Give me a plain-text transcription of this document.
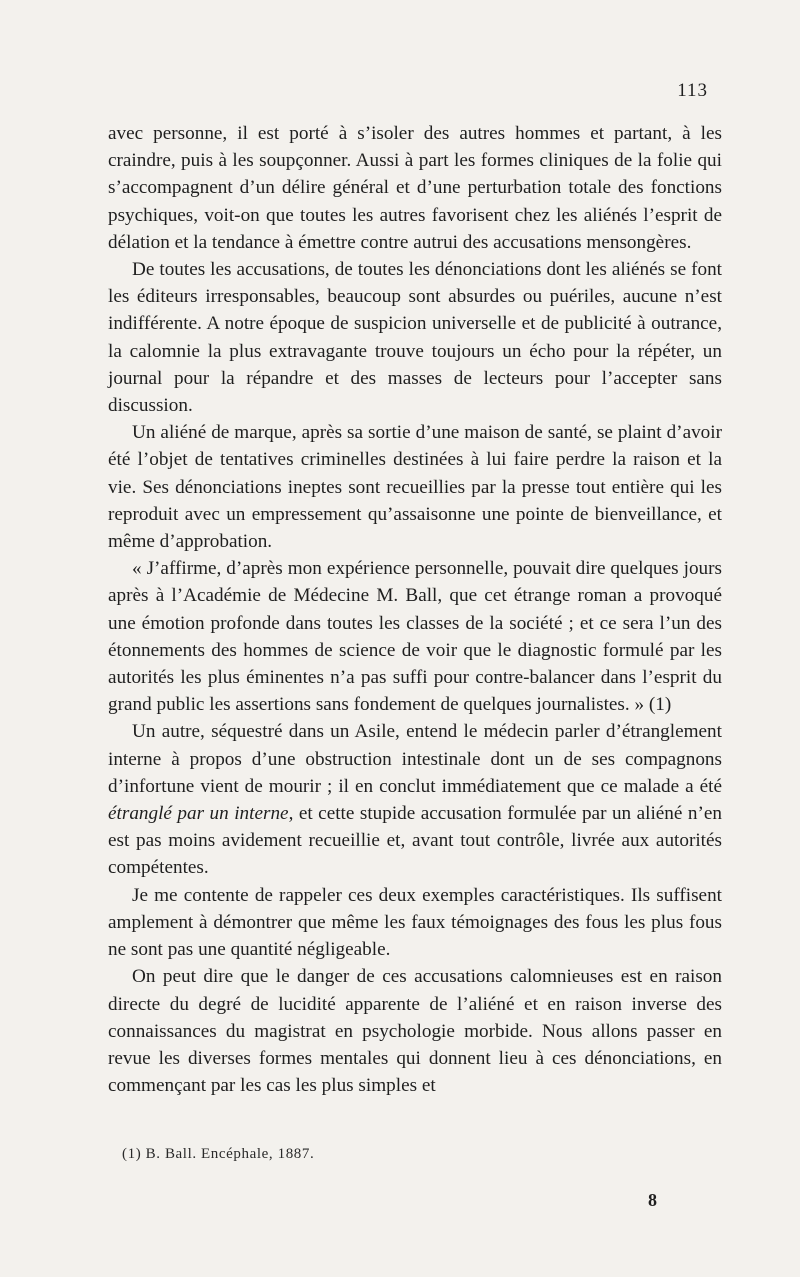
113

avec personne, il est porté à s’isoler des autres hommes et partant, à les craindre, puis à les soupçonner. Aussi à part les formes cliniques de la folie qui s’accompagnent d’un délire général et d’une perturbation totale des fonctions psychiques, voit-on que toutes les autres favorisent chez les aliénés l’esprit de délation et la tendance à émettre contre autrui des accusations mensongères.

De toutes les accusations, de toutes les dénonciations dont les aliénés se font les éditeurs irresponsables, beaucoup sont absurdes ou puériles, aucune n’est indifférente. A notre époque de suspicion universelle et de publicité à outrance, la calomnie la plus extravagante trouve toujours un écho pour la répéter, un journal pour la répandre et des masses de lecteurs pour l’accepter sans discussion.

Un aliéné de marque, après sa sortie d’une maison de santé, se plaint d’avoir été l’objet de tentatives criminelles destinées à lui faire perdre la raison et la vie. Ses dénonciations ineptes sont recueillies par la presse tout entière qui les reproduit avec un empressement qu’assaisonne une pointe de bienveillance, et même d’approbation.

« J’affirme, d’après mon expérience personnelle, pouvait dire quelques jours après à l’Académie de Médecine M. Ball, que cet étrange roman a provoqué une émotion profonde dans toutes les classes de la société ; et ce sera l’un des étonnements des hommes de science de voir que le diagnostic formulé par les autorités les plus éminentes n’a pas suffi pour contre-balancer dans l’esprit du grand public les assertions sans fondement de quelques journalistes. » (1)

Un autre, séquestré dans un Asile, entend le médecin parler d’étranglement interne à propos d’une obstruction intestinale dont un de ses compagnons d’infortune vient de mourir ; il en conclut immédiatement que ce malade a été étranglé par un interne, et cette stupide accusation formulée par un aliéné n’en est pas moins avidement recueillie et, avant tout contrôle, livrée aux autorités compétentes.

Je me contente de rappeler ces deux exemples caractéristiques. Ils suffisent amplement à démontrer que même les faux témoignages des fous les plus fous ne sont pas une quantité négligeable.

On peut dire que le danger de ces accusations calomnieuses est en raison directe du degré de lucidité apparente de l’aliéné et en raison inverse des connaissances du magistrat en psychologie morbide. Nous allons passer en revue les diverses formes mentales qui donnent lieu à ces dénonciations, en commençant par les cas les plus simples et

(1) B. Ball. Encéphale, 1887.
8
